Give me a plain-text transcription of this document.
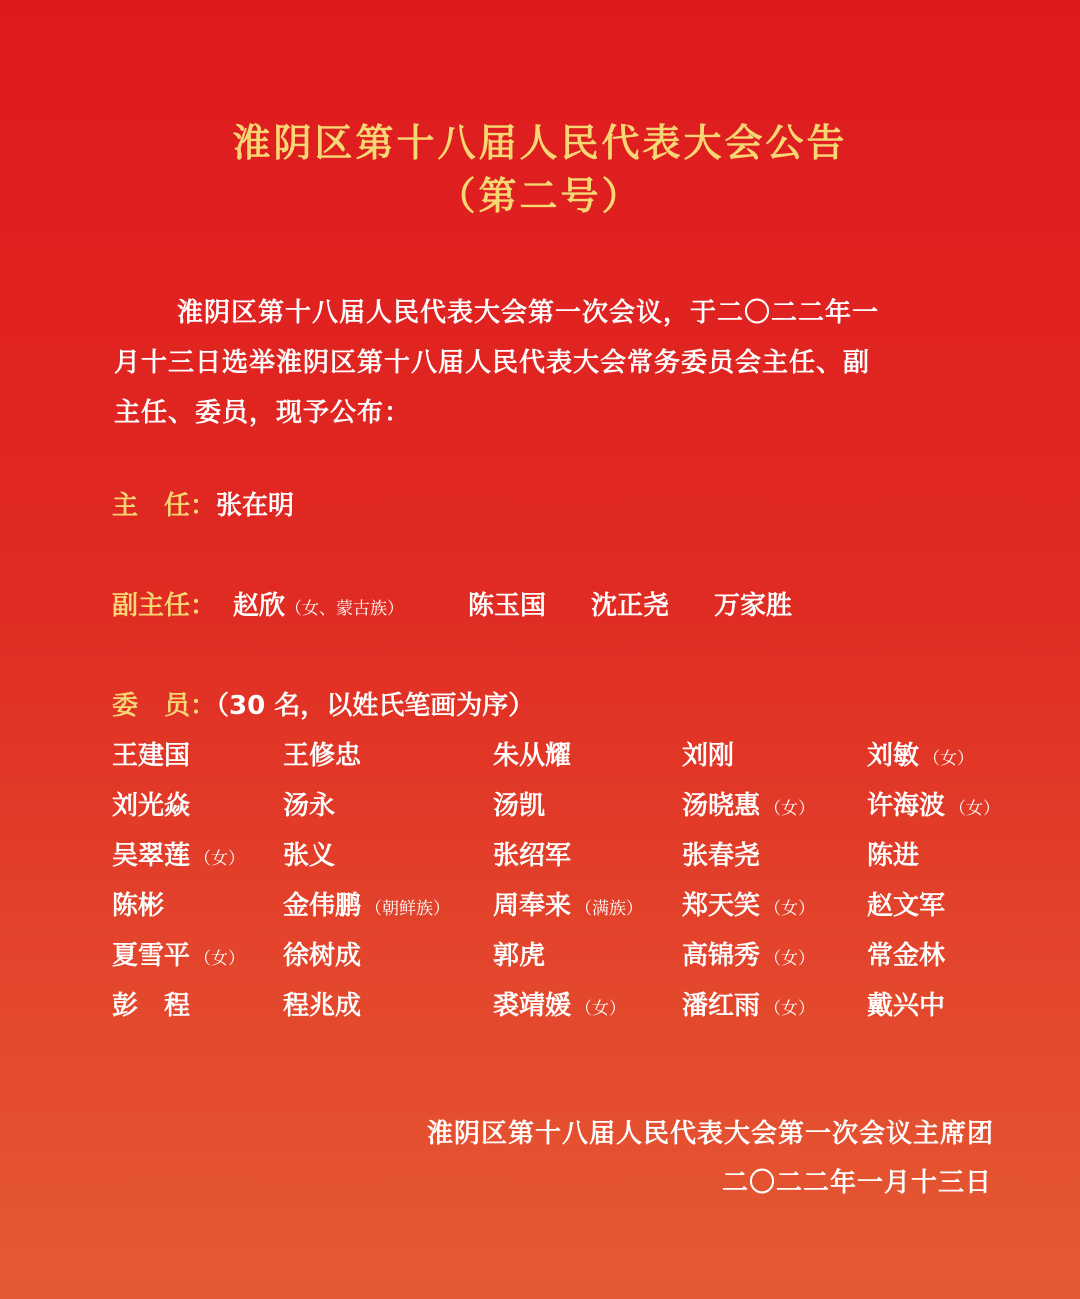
淮阴区第十八届人民代表大会公告
（第二号）
淮阴区第十八届人民代表大会第一次会议，于二〇二二年一
月十三日选举淮阴区第十八届人民代表大会常务委员会主任、副
主任、委员，现予公布：
主　任：张在明
副主任： 赵欣（女、蒙古族） 陈玉国 沈正尧 万家胜
委　员：（30 名，以姓氏笔画为序）
王建国	王修忠	朱从耀	刘刚	刘敏 （女）
刘光焱	汤永	汤凯	汤晓惠 （女） 许海波 （女）
吴翠莲 （女） 张义	张绍军	张春尧	陈进
陈彬	金伟鹏 （朝鲜族） 周奉来 （满族） 郑天笑 （女） 赵文军
夏雪平 （女） 徐树成	郭虎	高锦秀 （女） 常金林
彭　程	程兆成	裘靖媛 （女） 潘红雨 （女） 戴兴中
淮阴区第十八届人民代表大会第一次会议主席团
二〇二二年一月十三日
